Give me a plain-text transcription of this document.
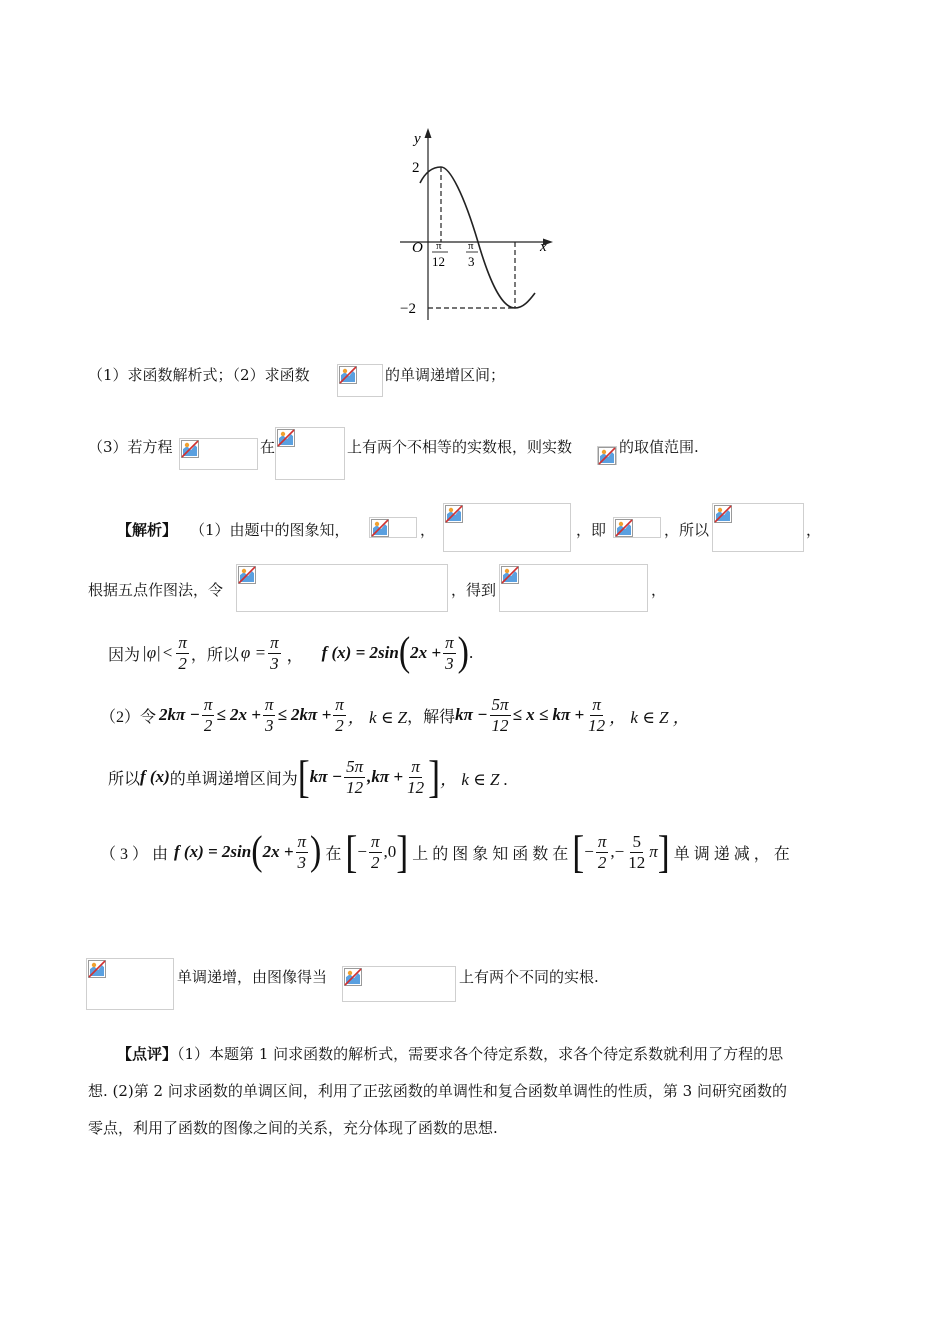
y
x
O
2
−2
π
12
π
3
（1）求函数解析式；（2）求函数	的单调递增区间；
（3）若方程	在	上有两个不相等的实数根，则实数	的取值范围.
【解析】 （1）由题中的图象知，	，	，即	，所以	，
根据五点作图法，令	，得到	，
因为 $|\varphi| < \frac{\pi}{2}$ ，所以 $\varphi = \frac{\pi}{3}$ ， f (x) = 2sin ( $2x + \frac{\pi}{3}$ ) .
（2）令 $2k\pi - \frac{\pi}{2} \le 2x + \frac{\pi}{3} \le 2k\pi + \frac{\pi}{2}$ ， k ∈ Z ，解得 $k\pi - \frac{5\pi}{12} \le x \le k\pi + \frac{\pi}{12}$ ， k ∈ Z ，
所以 f (x) 的单调递增区间为 [ $k\pi - \frac{5\pi}{12} ,k\pi + \frac{\pi}{12}$ ] ， k ∈ Z .
（ 3 ） 由 f (x) = 2sin ( $2x + \frac{\pi}{3}$ ) 在 [ − $\frac{\pi}{2} ,0$ ] 上 的 图 象 知 函 数 在 [ − $\frac{\pi}{2}$ ,− $\frac{5}{12}$ π ] 单 调 递 减 ， 在
单调递增，由图像得当	上有两个不同的实根.
【点评】（1）本题第 1 问求函数的解析式，需要求各个待定系数，求各个待定系数就利用了方程的思
想. (2)第 2 问求函数的单调区间，利用了正弦函数的单调性和复合函数单调性的性质，第 3 问研究函数的
零点，利用了函数的图像之间的关系，充分体现了函数的思想.
